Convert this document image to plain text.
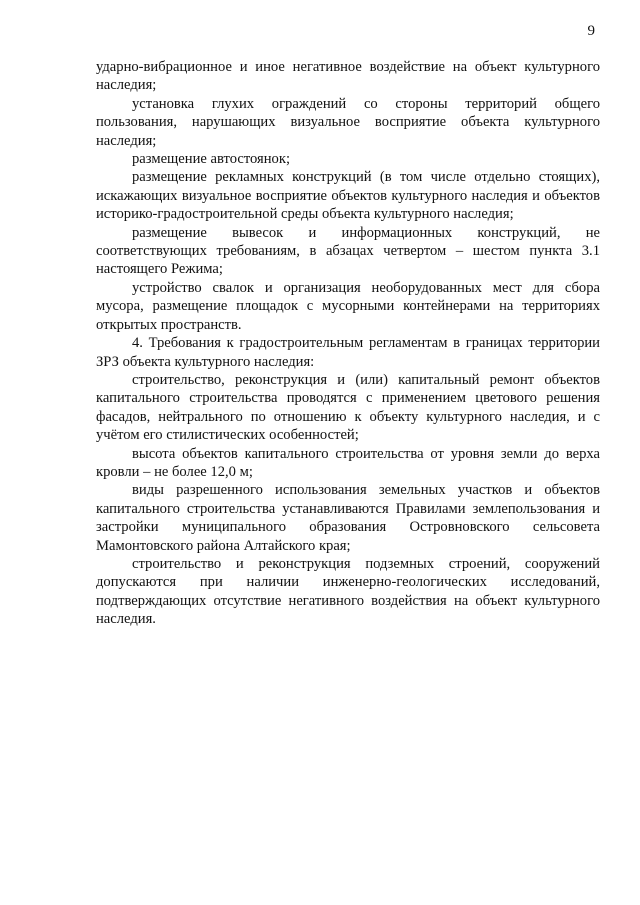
9

ударно-вибрационное и иное негативное воздействие на объект культурного наследия;

установка глухих ограждений со стороны территорий общего пользования, нарушающих визуальное восприятие объекта культурного наследия;

размещение автостоянок;

размещение рекламных конструкций (в том числе отдельно стоящих), искажающих визуальное восприятие объектов культурного наследия и объектов историко-градостроительной среды объекта культурного наследия;

размещение вывесок и информационных конструкций, не соответствующих требованиям, в абзацах четвертом – шестом пункта 3.1 настоящего Режима;

устройство свалок и организация необорудованных мест для сбора мусора, размещение площадок с мусорными контейнерами на территориях открытых пространств.

4. Требования к градостроительным регламентам в границах территории ЗРЗ объекта культурного наследия:

строительство, реконструкция и (или) капитальный ремонт объектов капитального строительства проводятся с применением цветового решения фасадов, нейтрального по отношению к объекту культурного наследия, и с учётом его стилистических особенностей;

высота объектов капитального строительства от уровня земли до верха кровли – не более 12,0 м;

виды разрешенного использования земельных участков и объектов капитального строительства устанавливаются Правилами землепользования и застройки муниципального образования Островновского сельсовета Мамонтовского района Алтайского края;

строительство и реконструкция подземных строений, сооружений допускаются при наличии инженерно-геологических исследований, подтверждающих отсутствие негативного воздействия на объект культурного наследия.
